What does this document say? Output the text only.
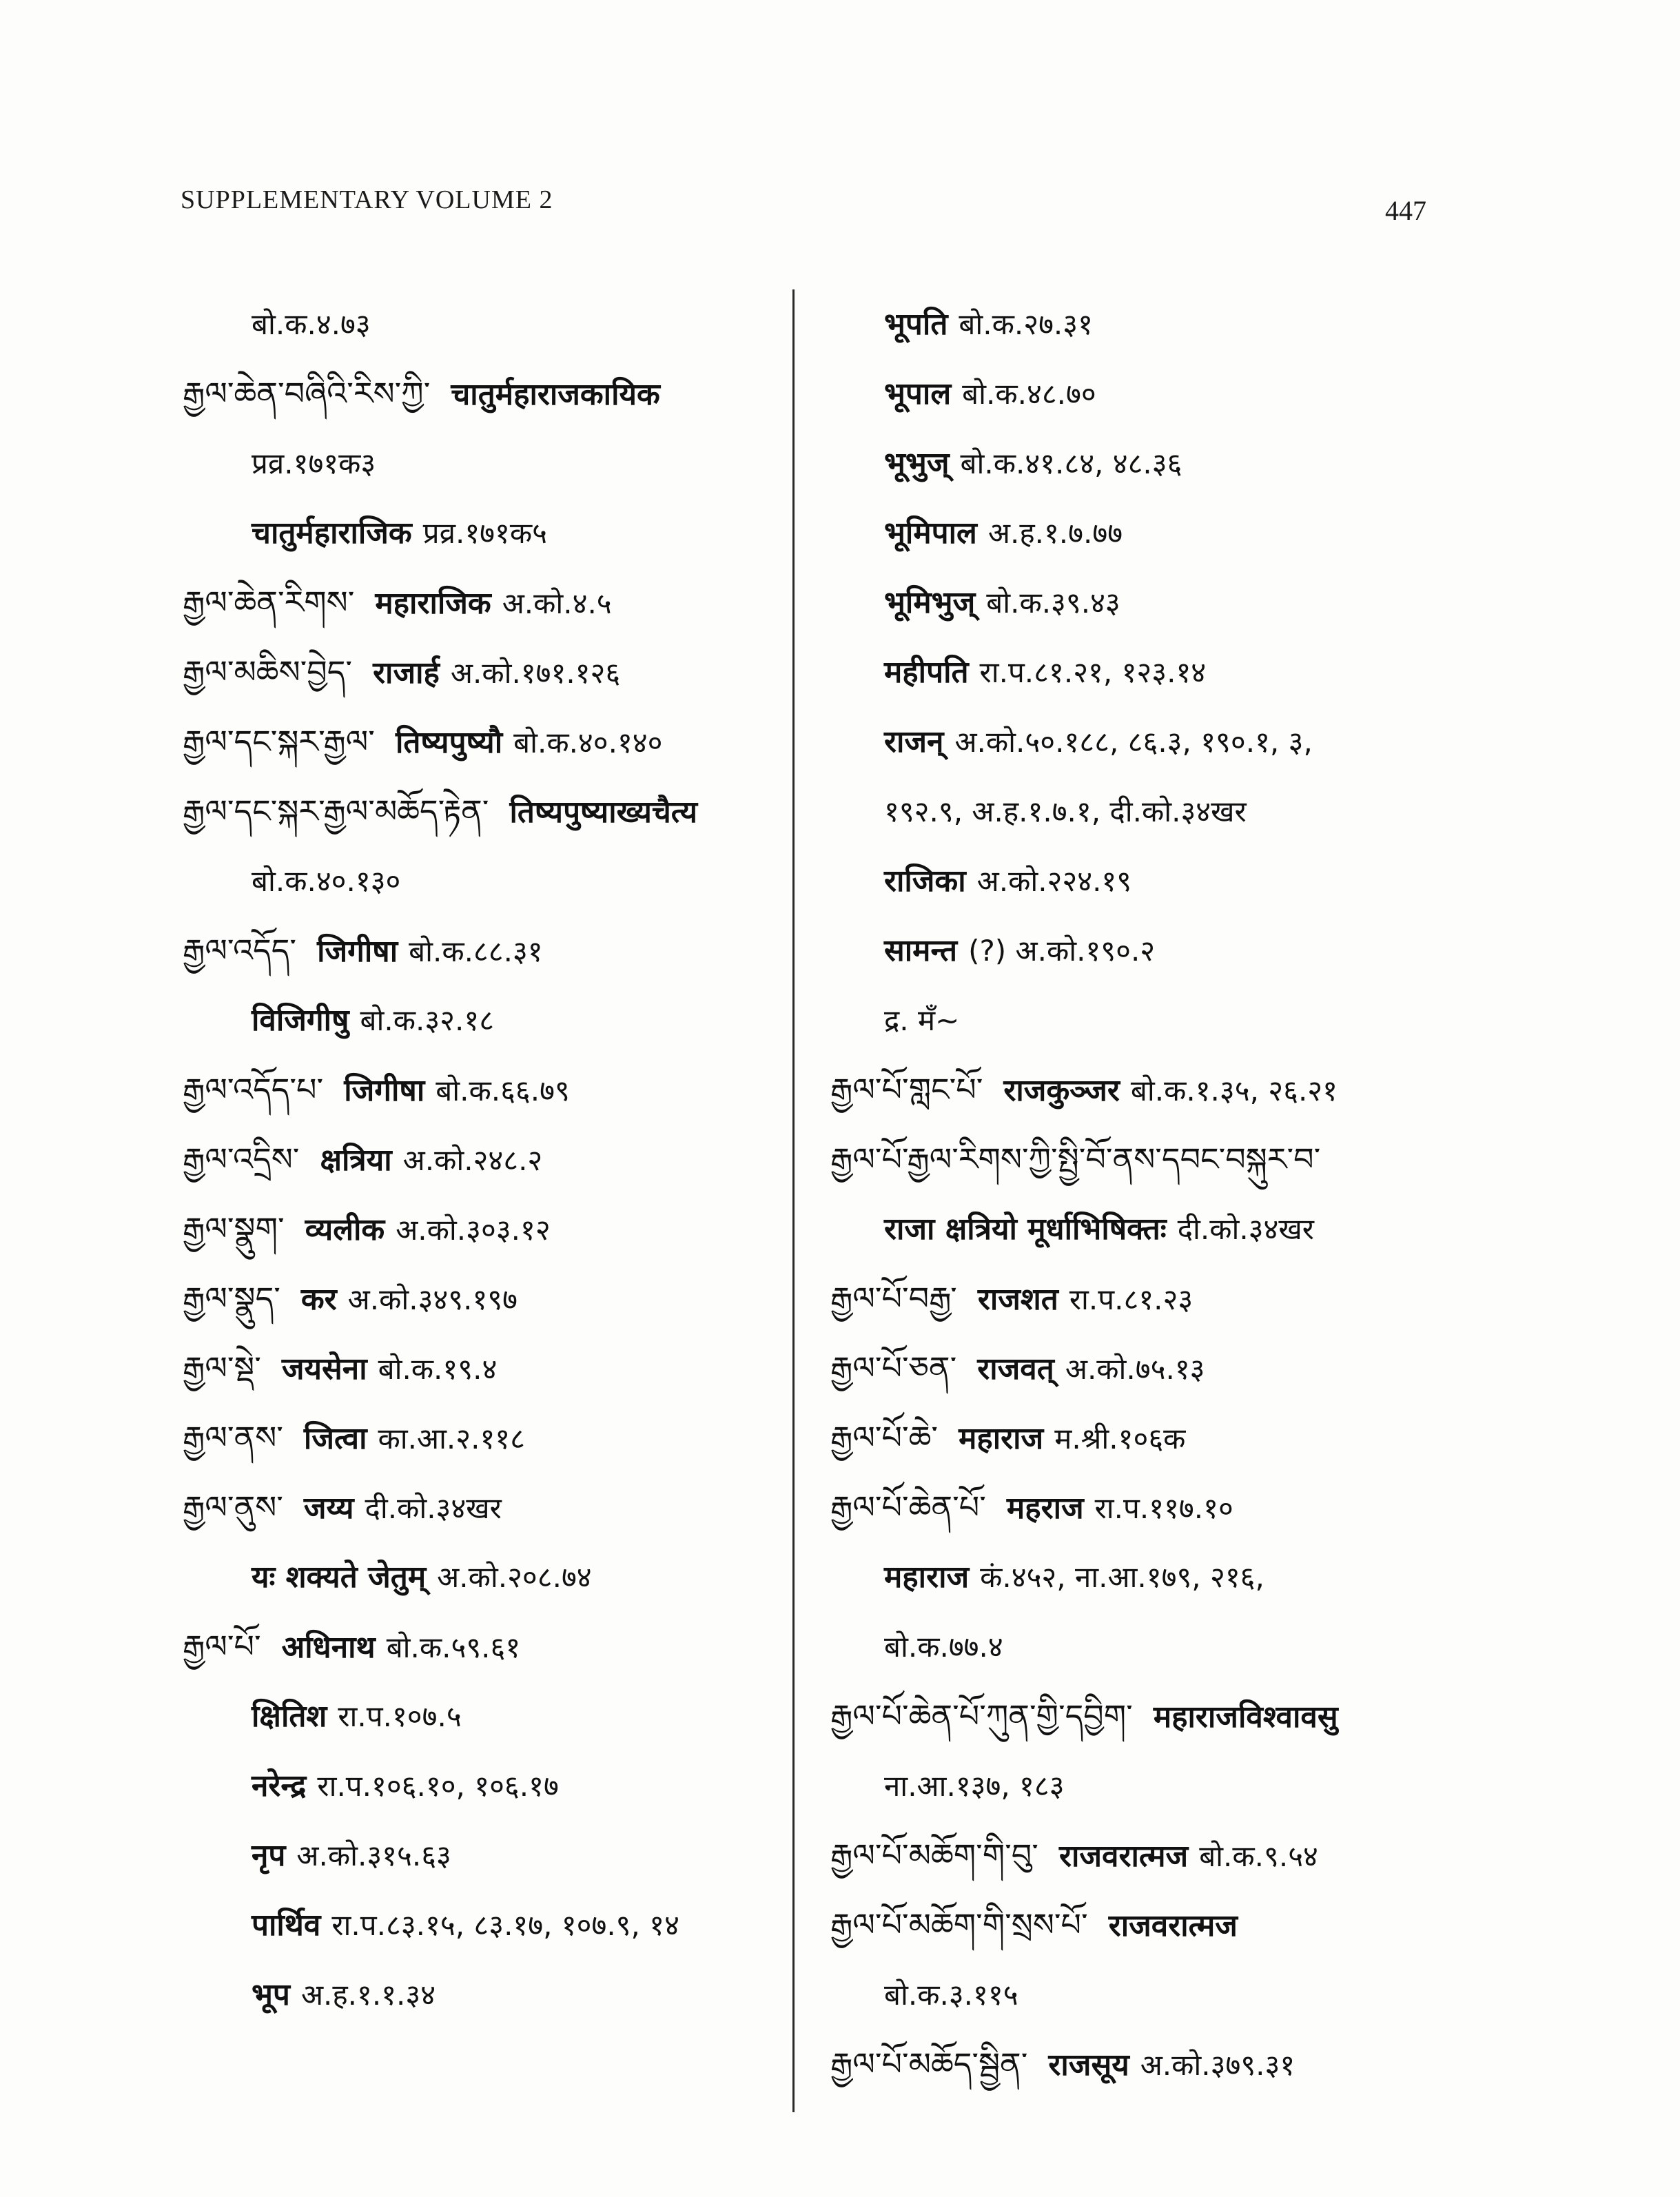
SUPPLEMENTARY VOLUME 2	447
बो.क.४.७३
རྒྱལ་ཆེན་བཞིའི་རིས་ཀྱི་ चातुर्महाराजकायिक
प्रव्र.१७१क३
चातुर्महाराजिक प्रव्र.१७१क५
རྒྱལ་ཆེན་རིགས་ महाराजिक अ.को.४.५
རྒྱལ་མཆིས་བྱེད་ राजार्ह अ.को.१७१.१२६
རྒྱལ་དང་སྐར་རྒྱལ་ तिष्यपुष्यौ बो.क.४०.१४०
རྒྱལ་དང་སྐར་རྒྱལ་མཆོད་རྟེན་ तिष्यपुष्याख्यचैत्य
बो.क.४०.१३०
རྒྱལ་འདོད་ जिगीषा बो.क.८८.३१
विजिगीषु बो.क.३२.१८
རྒྱལ་འདོད་པ་ जिगीषा बो.क.६६.७९
རྒྱལ་འདྲིས་ क्षत्रिया अ.को.२४८.२
རྒྱལ་སྣུག་ व्यलीक अ.को.३०३.१२
རྒྱལ་སྣུད་ कर अ.को.३४९.१९७
རྒྱལ་སྡེ་ जयसेना बो.क.१९.४
རྒྱལ་ནས་ जित्वा का.आ.२.११८
རྒྱལ་ནུས་ जय्य दी.को.३४खर
यः शक्यते जेतुम् अ.को.२०८.७४
རྒྱལ་པོ་ अधिनाथ बो.क.५९.६१
क्षितिश रा.प.१०७.५
नरेन्द्र रा.प.१०६.१०, १०६.१७
नृप अ.को.३१५.६३
पार्थिव रा.प.८३.१५, ८३.१७, १०७.९, १४
भूप अ.ह.१.१.३४
भूपति बो.क.२७.३१
भूपाल बो.क.४८.७०
भूभुज् बो.क.४१.८४, ४८.३६
भूमिपाल अ.ह.१.७.७७
भूमिभुज् बो.क.३९.४३
महीपति रा.प.८१.२१, १२३.१४
राजन् अ.को.५०.१८८, ८६.३, १९०.१, ३,
१९२.९, अ.ह.१.७.१, दी.को.३४खर
राजिका अ.को.२२४.१९
सामन्त (?) अ.को.१९०.२
द्र. मँ~
རྒྱལ་པོ་གླང་པོ་ राजकुञ्जर बो.क.१.३५, २६.२१
རྒྱལ་པོ་རྒྱལ་རིགས་ཀྱི་སྤྱི་བོ་ནས་དབང་བསྐུར་བ་
राजा क्षत्रियो मूर्धाभिषिक्तः दी.को.३४खर
རྒྱལ་པོ་བརྒྱ་ राजशत रा.प.८१.२३
རྒྱལ་པོ་ཅན་ राजवत् अ.को.७५.१३
རྒྱལ་པོ་ཆེ་ महाराज म.श्री.१०६क
རྒྱལ་པོ་ཆེན་པོ་ महराज रा.प.११७.१०
महाराज कं.४५२, ना.आ.१७९, २१६,
बो.क.७७.४
རྒྱལ་པོ་ཆེན་པོ་ཀུན་གྱི་དབྱིག་ महाराजविश्वावसु
ना.आ.१३७, १८३
རྒྱལ་པོ་མཆོག་གི་བུ་ राजवरात्मज बो.क.९.५४
རྒྱལ་པོ་མཆོག་གི་སྲས་པོ་ राजवरात्मज
बो.क.३.११५
རྒྱལ་པོ་མཆོད་སྦྱིན་ राजसूय अ.को.३७९.३१
